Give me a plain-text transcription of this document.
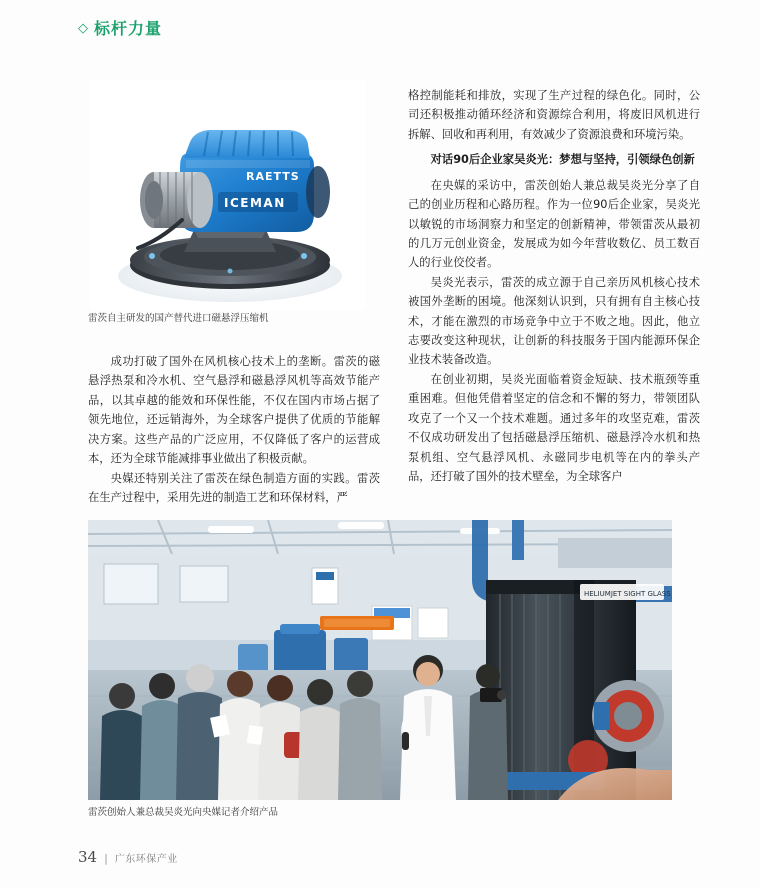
◇ 标杆力量
RAETTS
ICEMAN
雷茨自主研发的国产替代进口磁悬浮压缩机

成功打破了国外在风机核心技术上的垄断。雷茨的磁悬浮热泵和冷水机、空气悬浮和磁悬浮风机等高效节能产品，以其卓越的能效和环保性能，不仅在国内市场占据了领先地位，还远销海外，为全球客户提供了优质的节能解决方案。这些产品的广泛应用，不仅降低了客户的运营成本，还为全球节能减排事业做出了积极贡献。

央媒还特别关注了雷茨在绿色制造方面的实践。雷茨在生产过程中，采用先进的制造工艺和环保材料，严

格控制能耗和排放，实现了生产过程的绿色化。同时，公司还积极推动循环经济和资源综合利用，将废旧风机进行拆解、回收和再利用，有效减少了资源浪费和环境污染。

对话90后企业家吴炎光：梦想与坚持，引领绿色创新

在央媒的采访中，雷茨创始人兼总裁吴炎光分享了自己的创业历程和心路历程。作为一位90后企业家，吴炎光以敏锐的市场洞察力和坚定的创新精神，带领雷茨从最初的几万元创业资金，发展成为如今年营收数亿、员工数百人的行业佼佼者。

吴炎光表示，雷茨的成立源于自己亲历风机核心技术被国外垄断的困境。他深刻认识到，只有拥有自主核心技术，才能在激烈的市场竞争中立于不败之地。因此，他立志要改变这种现状，让创新的科技服务于国内能源环保企业技术装备改造。

在创业初期，吴炎光面临着资金短缺、技术瓶颈等重重困难。但他凭借着坚定的信念和不懈的努力，带领团队攻克了一个又一个技术难题。通过多年的攻坚克难，雷茨不仅成功研发出了包括磁悬浮压缩机、磁悬浮冷水机和热泵机组、空气悬浮风机、永磁同步电机等在内的拳头产品，还打破了国外的技术壁垒，为全球客户

HELIUMJET SIGHT GLASS
雷茨创始人兼总裁吴炎光向央媒记者介绍产品
34 | 广东环保产业
